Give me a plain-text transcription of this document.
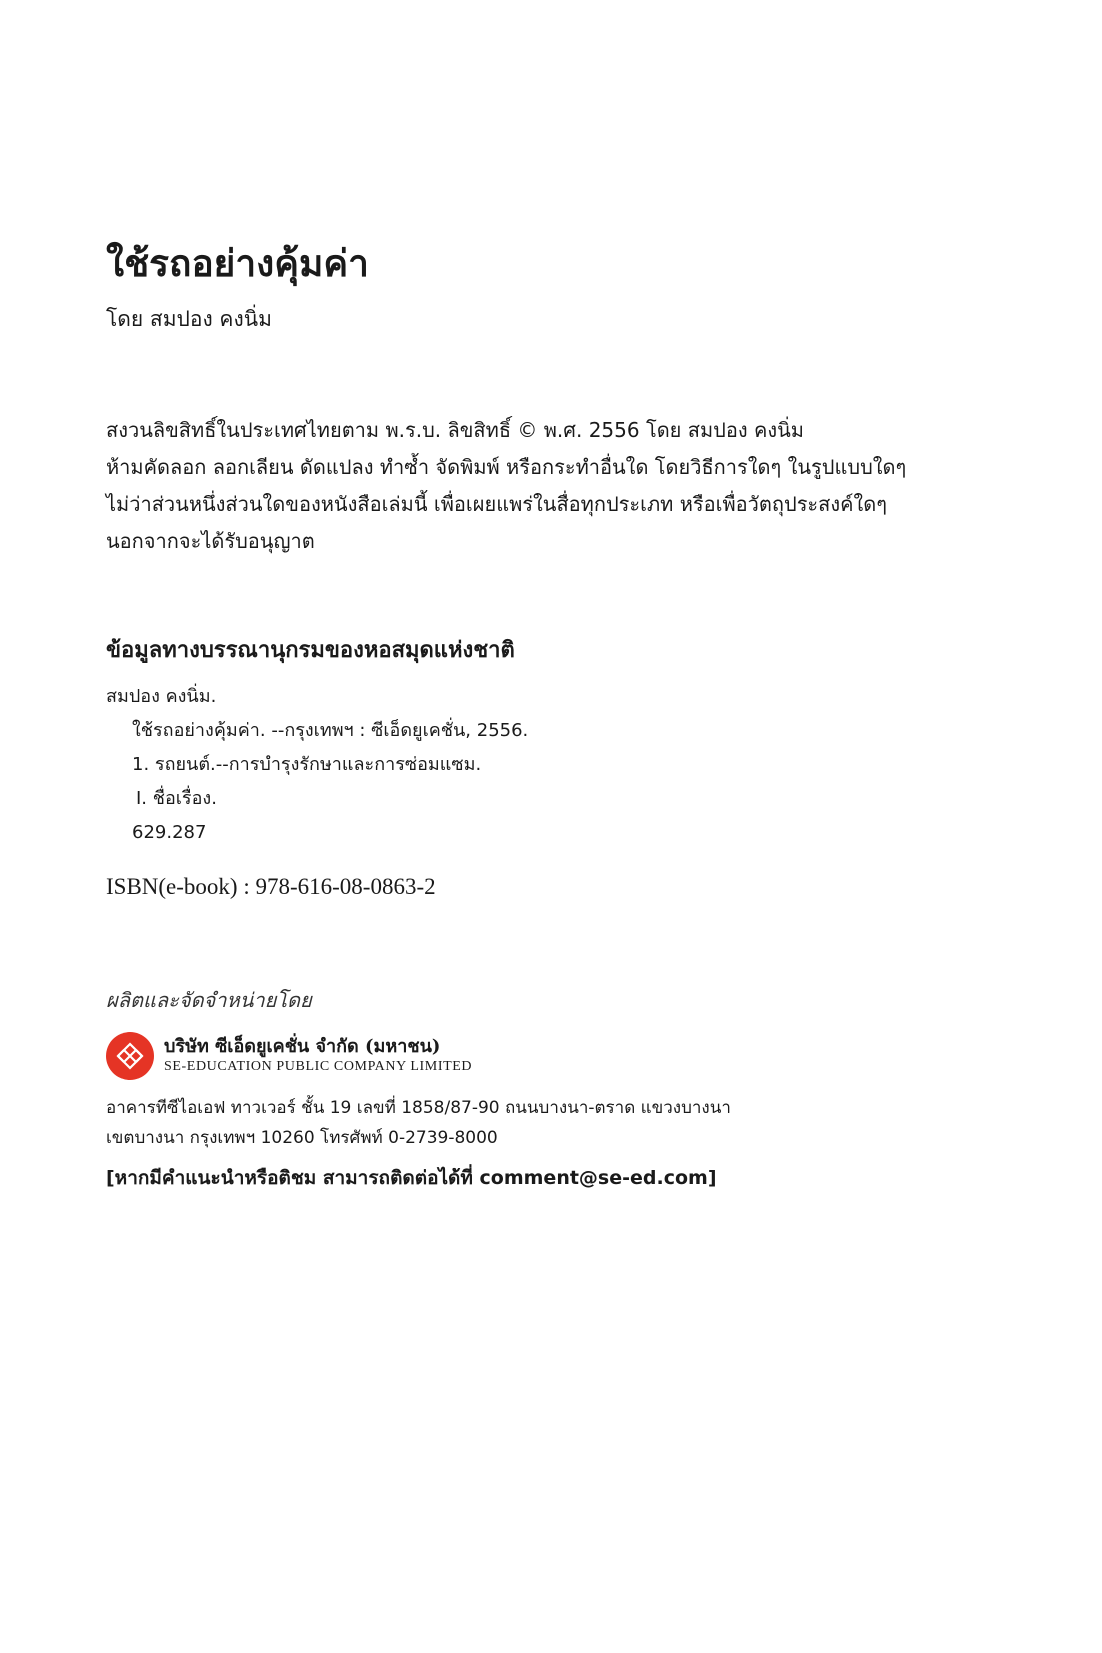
ใช้รถอย่างคุ้มค่า
โดย สมปอง คงนิ่ม
สงวนลิขสิทธิ์ในประเทศไทยตาม พ.ร.บ. ลิขสิทธิ์ © พ.ศ. 2556 โดย สมปอง คงนิ่ม
ห้ามคัดลอก ลอกเลียน ดัดแปลง ทำซ้ำ จัดพิมพ์ หรือกระทำอื่นใด โดยวิธีการใดๆ ในรูปแบบใดๆ
ไม่ว่าส่วนหนึ่งส่วนใดของหนังสือเล่มนี้ เพื่อเผยแพร่ในสื่อทุกประเภท หรือเพื่อวัตถุประสงค์ใดๆ
นอกจากจะได้รับอนุญาต
ข้อมูลทางบรรณานุกรมของหอสมุดแห่งชาติ
สมปอง คงนิ่ม.
ใช้รถอย่างคุ้มค่า. --กรุงเทพฯ : ซีเอ็ดยูเคชั่น, 2556.
1. รถยนต์.--การบำรุงรักษาและการซ่อมแซม.
I. ชื่อเรื่อง.
629.287
ISBN(e-book) : 978-616-08-0863-2
ผลิตและจัดจำหน่ายโดย
บริษัท ซีเอ็ดยูเคชั่น จำกัด (มหาชน)
SE-EDUCATION PUBLIC COMPANY LIMITED
อาคารทีซีไอเอฟ ทาวเวอร์ ชั้น 19 เลขที่ 1858/87-90 ถนนบางนา-ตราด แขวงบางนา
เขตบางนา กรุงเทพฯ 10260 โทรศัพท์ 0-2739-8000
[หากมีคำแนะนำหรือติชม สามารถติดต่อได้ที่ comment@se-ed.com]
